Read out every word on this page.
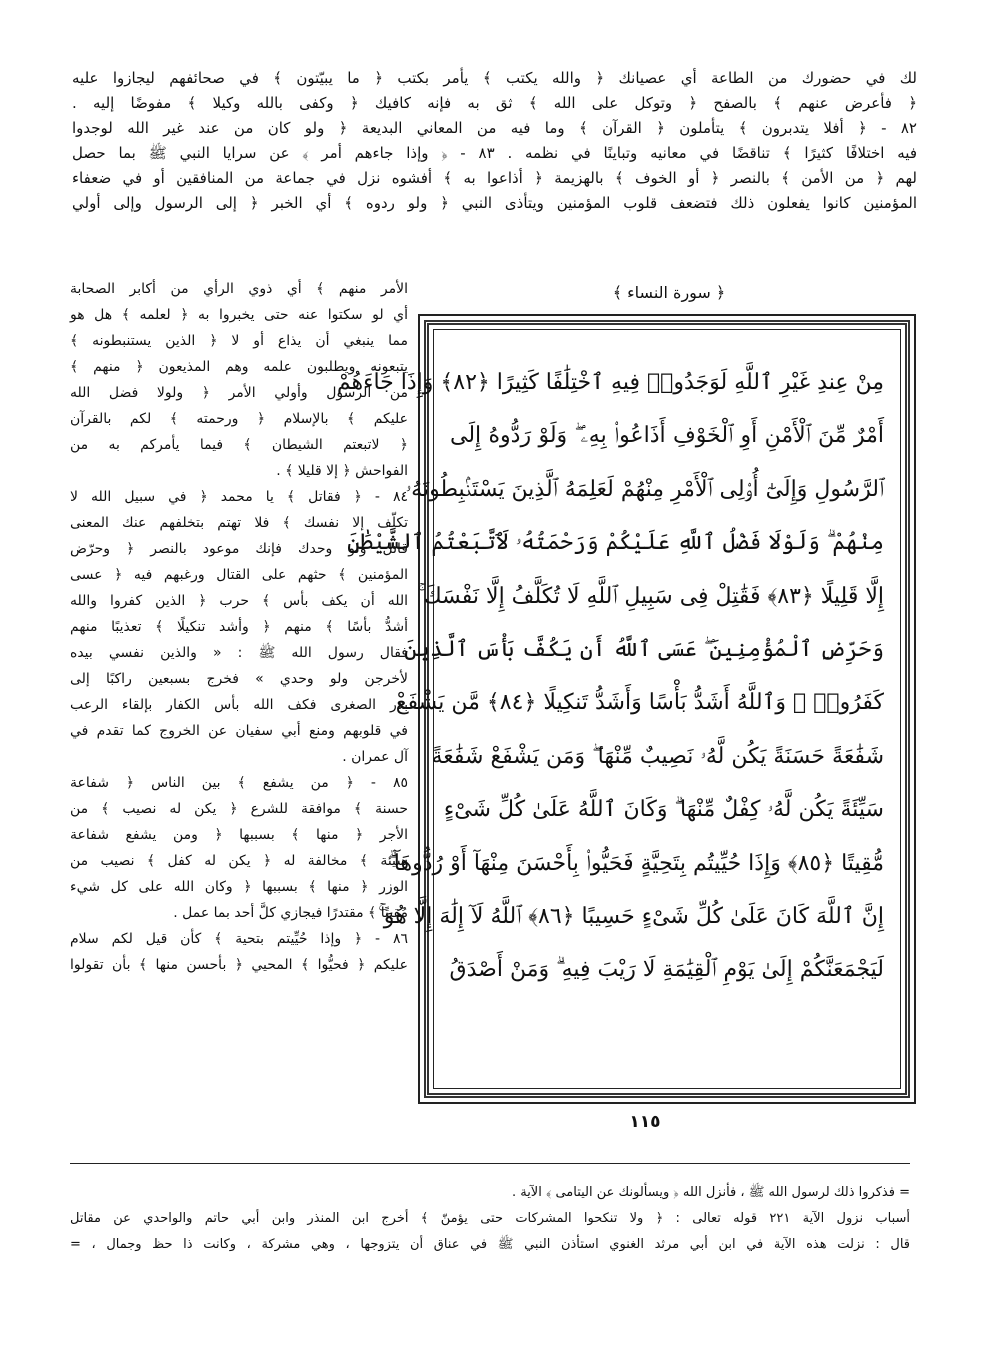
لك في حضورك من الطاعة أي عصيانك ﴿ والله يكتب ﴾ يأمر بكتب ﴿ ما يبيّتون ﴾ في صحائفهم ليجازوا عليه
﴿ فأعرض عنهم ﴾ بالصفح ﴿ وتوكل على الله ﴾ ثق به فإنه كافيك ﴿ وكفى بالله وكيلا ﴾ مفوضًا إليه .
٨٢ - ﴿ أفلا يتدبرون ﴾ يتأملون ﴿ القرآن ﴾ وما فيه من المعاني البديعة ﴿ ولو كان من عند غير الله لوجدوا
فيه اختلافًا كثيرًا ﴾ تناقضًا في معانيه وتباينًا في نظمه . ٨٣ - ﴿ وإذا جاءهم أمر ﴾ عن سرايا النبي ﷺ بما حصل
لهم ﴿ من الأمن ﴾ بالنصر ﴿ أو الخوف ﴾ بالهزيمة ﴿ أذاعوا به ﴾ أفشوه نزل في جماعة من المنافقين أو في ضعفاء
المؤمنين كانوا يفعلون ذلك فتضعف قلوب المؤمنين ويتأذى النبي ﴿ ولو ردوه ﴾ أي الخبر ﴿ إلى الرسول وإلى أولي
﴿ سورة النساء ﴾
مِنْ عِندِ غَيْرِ ٱللَّهِ لَوَجَدُوا۟ فِيهِ ٱخْتِلَٰفًا كَثِيرًا ﴿٨٢﴾ وَإِذَا جَآءَهُمْ
أَمْرٌ مِّنَ ٱلْأَمْنِ أَوِ ٱلْخَوْفِ أَذَاعُوا۟ بِهِۦ ۖ وَلَوْ رَدُّوهُ إِلَى
ٱلرَّسُولِ وَإِلَىٰٓ أُو۟لِى ٱلْأَمْرِ مِنْهُمْ لَعَلِمَهُ ٱلَّذِينَ يَسْتَنۢبِطُونَهُۥ
مِنْهُمْ ۗ وَلَوْلَا فَضْلُ ٱللَّهِ عَلَيْكُمْ وَرَحْمَتُهُۥ لَٱتَّبَعْتُمُ ٱلشَّيْطَٰنَ
إِلَّا قَلِيلًا ﴿٨٣﴾ فَقَٰتِلْ فِى سَبِيلِ ٱللَّهِ لَا تُكَلَّفُ إِلَّا نَفْسَكَ ۚ
وَحَرِّضِ ٱلْمُؤْمِنِينَ ۖ عَسَى ٱللَّهُ أَن يَكُفَّ بَأْسَ ٱلَّذِينَ
كَفَرُوا۟ ۚ وَٱللَّهُ أَشَدُّ بَأْسًا وَأَشَدُّ تَنكِيلًا ﴿٨٤﴾ مَّن يَشْفَعْ
شَفَٰعَةً حَسَنَةً يَكُن لَّهُۥ نَصِيبٌ مِّنْهَا ۖ وَمَن يَشْفَعْ شَفَٰعَةً
سَيِّئَةً يَكُن لَّهُۥ كِفْلٌ مِّنْهَا ۗ وَكَانَ ٱللَّهُ عَلَىٰ كُلِّ شَىْءٍ
مُّقِيتًا ﴿٨٥﴾ وَإِذَا حُيِّيتُم بِتَحِيَّةٍ فَحَيُّوا۟ بِأَحْسَنَ مِنْهَآ أَوْ رُدُّوهَآ ۗ
إِنَّ ٱللَّهَ كَانَ عَلَىٰ كُلِّ شَىْءٍ حَسِيبًا ﴿٨٦﴾ ٱللَّهُ لَآ إِلَٰهَ إِلَّا هُوَ ۚ
لَيَجْمَعَنَّكُمْ إِلَىٰ يَوْمِ ٱلْقِيَٰمَةِ لَا رَيْبَ فِيهِ ۗ وَمَنْ أَصْدَقُ
الأمر منهم ﴾ أي ذوي الرأي من أكابر الصحابة
أي لو سكتوا عنه حتى يخبروا به ﴿ لعلمه ﴾ هل هو
مما ينبغي أن يذاع أو لا ﴿ الذين يستنبطونه ﴾
يتبعونه ويطلبون علمه وهم المذيعون ﴿ منهم ﴾
من الرسول وأولي الأمر ﴿ ولولا فضل الله
عليكم ﴾ بالإسلام ﴿ ورحمته ﴾ لكم بالقرآن
﴿ لاتبعتم الشيطان ﴾ فيما يأمركم به من
الفواحش ﴿ إلا قليلا ﴾ .
٨٤ - ﴿ فقاتل ﴾ يا محمد ﴿ في سبيل الله لا
تكلّف إلا نفسك ﴾ فلا تهتم بتخلفهم عنك المعنى
قاتل ولو وحدك فإنك موعود بالنصر ﴿ وحرّض
المؤمنين ﴾ حثهم على القتال ورغبهم فيه ﴿ عسى
الله أن يكف بأس ﴾ حرب ﴿ الذين كفروا والله
أشدُّ بأسًا ﴾ منهم ﴿ وأشد تنكيلًا ﴾ تعذيبًا منهم
فقال رسول الله ﷺ : « والذين نفسي بيده
لأخرجن ولو وحدي » فخرج بسبعين راكبًا إلى
بدر الصغرى فكف الله بأس الكفار بإلقاء الرعب
في قلوبهم ومنع أبي سفيان عن الخروج كما تقدم في
آل عمران .
٨٥ - ﴿ من يشفع ﴾ بين الناس ﴿ شفاعة
حسنة ﴾ موافقة للشرع ﴿ يكن له نصيب ﴾ من
الأجر ﴿ منها ﴾ بسببها ﴿ ومن يشفع شفاعة
سيئة ﴾ مخالفة له ﴿ يكن له كفل ﴾ نصيب من
الوزر ﴿ منها ﴾ بسببها ﴿ وكان الله على كل شيء
مُقيتًا ﴾ مقتدرًا فيجازي كلَّ أحد بما عمل .
٨٦ - ﴿ وإذا حُيِّيتم بتحية ﴾ كأن قيل لكم سلام
عليكم ﴿ فحيُّوا ﴾ المحيي ﴿ بأحسن منها ﴾ بأن تقولوا
١١٥
= فذكروا ذلك لرسول الله ﷺ ، فأنزل الله ﴿ ويسألونك عن اليتامى ﴾ الآية .
أسباب نزول الآية ٢٢١ قوله تعالى : ﴿ ولا تنكحوا المشركات حتى يؤمنّ ﴾ أخرج ابن المنذر وابن أبي حاتم والواحدي عن مقاتل
قال : نزلت هذه الآية في ابن أبي مرثد الغنوي استأذن النبي ﷺ في عناق أن يتزوجها ، وهي مشركة ، وكانت ذا حظ وجمال ، =
